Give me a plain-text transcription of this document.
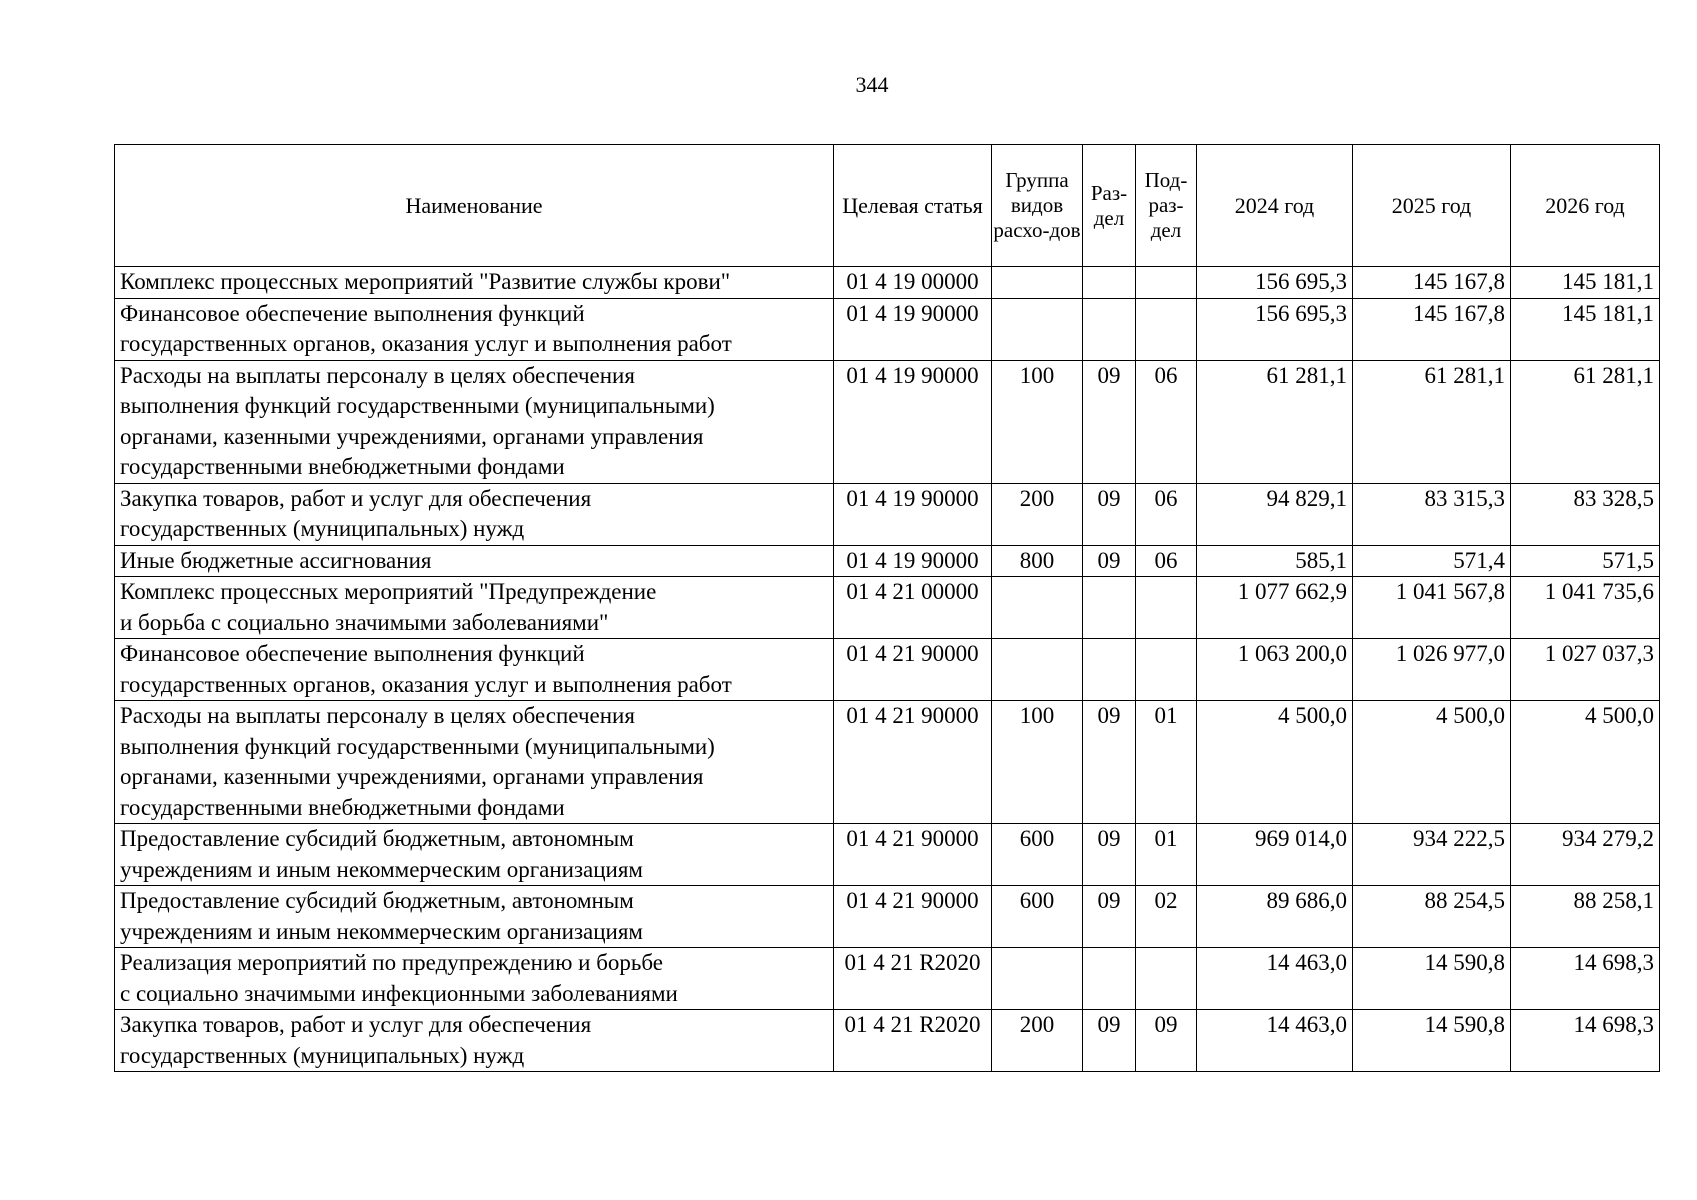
344
Наименование	Целевая статья	Группа видов расхо-дов	Раз-дел	Под-раз-дел	2024 год	2025 год	2026 год
Комплекс процессных мероприятий "Развитие службы крови"	01 4 19 00000				156 695,3	145 167,8	145 181,1
Финансовое обеспечение выполнения функций
государственных органов, оказания услуг и выполнения работ	01 4 19 90000				156 695,3	145 167,8	145 181,1
Расходы на выплаты персоналу в целях обеспечения
выполнения функций государственными (муниципальными)
органами, казенными учреждениями, органами управления
государственными внебюджетными фондами	01 4 19 90000	100	09	06	61 281,1	61 281,1	61 281,1
Закупка товаров, работ и услуг для обеспечения
государственных (муниципальных) нужд	01 4 19 90000	200	09	06	94 829,1	83 315,3	83 328,5
Иные бюджетные ассигнования	01 4 19 90000	800	09	06	585,1	571,4	571,5
Комплекс процессных мероприятий "Предупреждение
и борьба с социально значимыми заболеваниями"	01 4 21 00000				1 077 662,9	1 041 567,8	1 041 735,6
Финансовое обеспечение выполнения функций
государственных органов, оказания услуг и выполнения работ	01 4 21 90000				1 063 200,0	1 026 977,0	1 027 037,3
Расходы на выплаты персоналу в целях обеспечения
выполнения функций государственными (муниципальными)
органами, казенными учреждениями, органами управления
государственными внебюджетными фондами	01 4 21 90000	100	09	01	4 500,0	4 500,0	4 500,0
Предоставление субсидий бюджетным, автономным
учреждениям и иным некоммерческим организациям	01 4 21 90000	600	09	01	969 014,0	934 222,5	934 279,2
Предоставление субсидий бюджетным, автономным
учреждениям и иным некоммерческим организациям	01 4 21 90000	600	09	02	89 686,0	88 254,5	88 258,1
Реализация мероприятий по предупреждению и борьбе
с социально значимыми инфекционными заболеваниями	01 4 21 R2020				14 463,0	14 590,8	14 698,3
Закупка товаров, работ и услуг для обеспечения
государственных (муниципальных) нужд	01 4 21 R2020	200	09	09	14 463,0	14 590,8	14 698,3
